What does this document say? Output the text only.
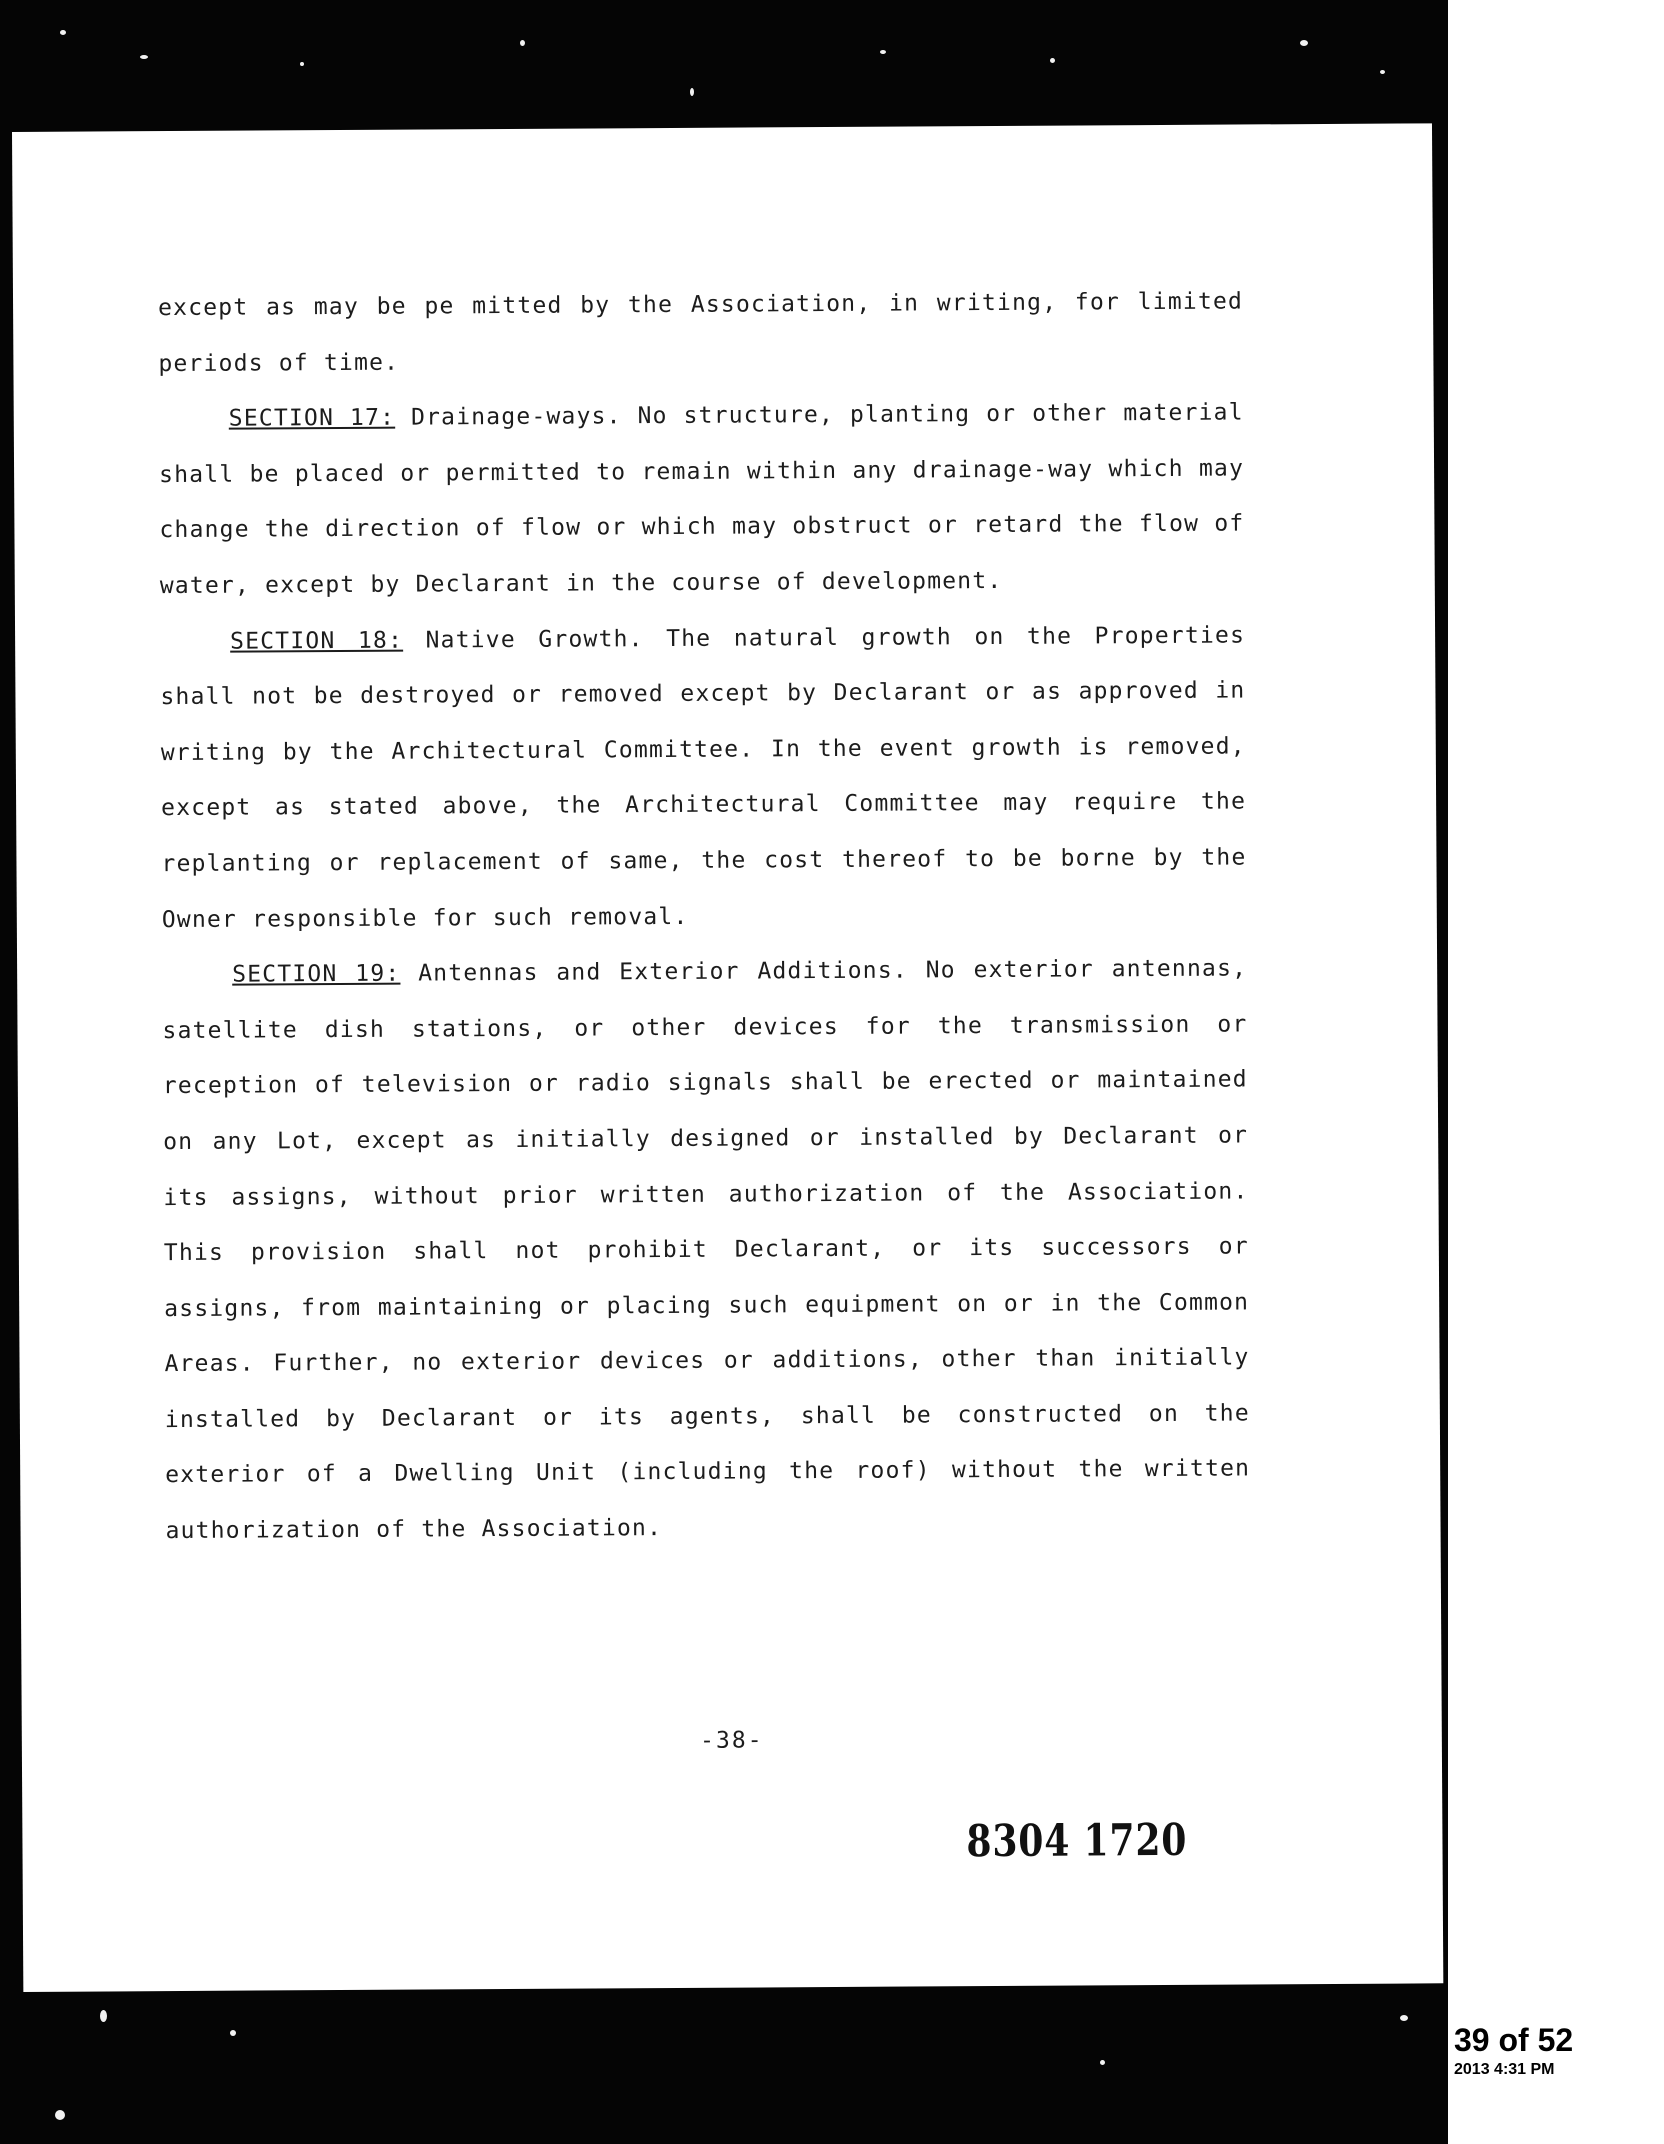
except as may be pe mitted by the Association, in writing, for limited periods of time.

SECTION 17: Drainage-ways. No structure, planting or other material shall be placed or permitted to remain within any drainage-way which may change the direction of flow or which may obstruct or retard the flow of water, except by Declarant in the course of development.

SECTION 18: Native Growth. The natural growth on the Properties shall not be destroyed or removed except by Declarant or as approved in writing by the Architectural Committee. In the event growth is removed, except as stated above, the Architectural Committee may require the replanting or replacement of same, the cost thereof to be borne by the Owner responsible for such removal.

SECTION 19: Antennas and Exterior Additions. No exterior antennas, satellite dish stations, or other devices for the transmission or reception of television or radio signals shall be erected or maintained on any Lot, except as initially designed or installed by Declarant or its assigns, without prior written authorization of the Association. This provision shall not prohibit Declarant, or its successors or assigns, from maintaining or placing such equipment on or in the Common Areas. Further, no exterior devices or additions, other than initially installed by Declarant or its agents, shall be constructed on the exterior of a Dwelling Unit (including the roof) without the written authorization of the Association.

-38-
8304 1720
39 of 52
2013 4:31 PM
